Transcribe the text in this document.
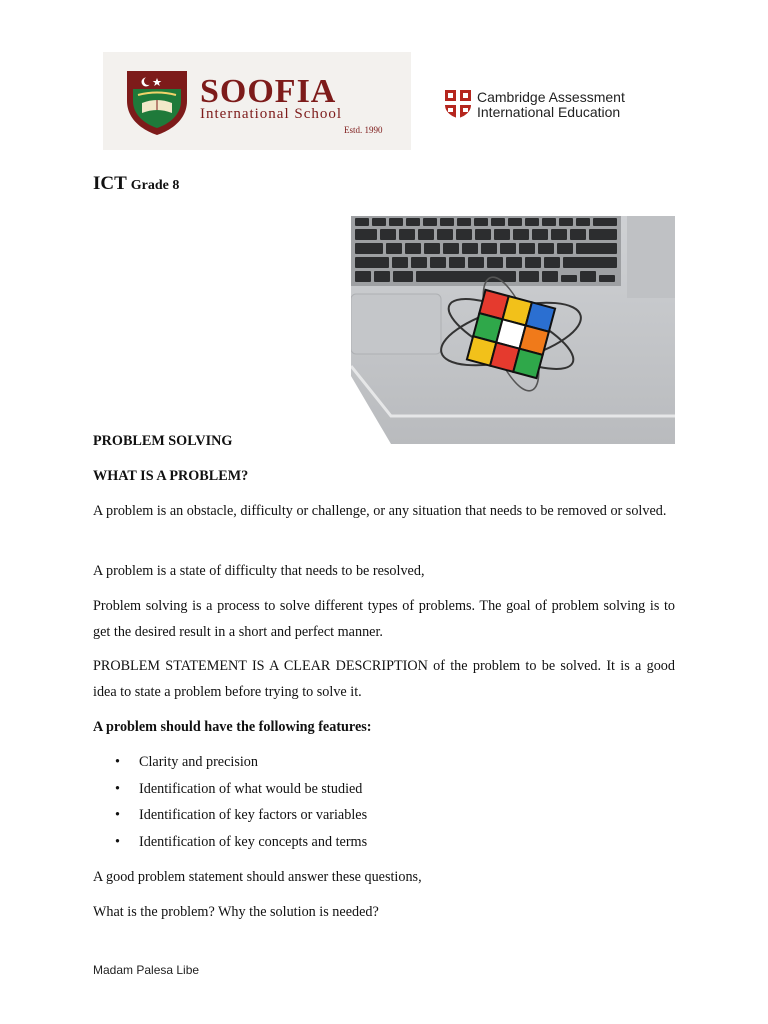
SOOFIA
International School
Estd. 1990
Cambridge Assessment
International Education
ICT Grade 8

PROBLEM SOLVING

WHAT IS A PROBLEM?

A problem is an obstacle, difficulty or challenge, or any situation that needs to be removed or solved.

A problem is a state of difficulty that needs to be resolved,

Problem solving is a process to solve different types of problems. The goal of problem solving is to get the desired result in a short and perfect manner.

PROBLEM STATEMENT IS A CLEAR DESCRIPTION of the problem to be solved. It is a good idea to state a problem before trying to solve it.

A problem should have the following features:

• Clarity and precision
• Identification of what would be studied
• Identification of key factors or variables
• Identification of key concepts and terms

A good problem statement should answer these questions,

What is the problem? Why the solution is needed?

Madam Palesa Libe
